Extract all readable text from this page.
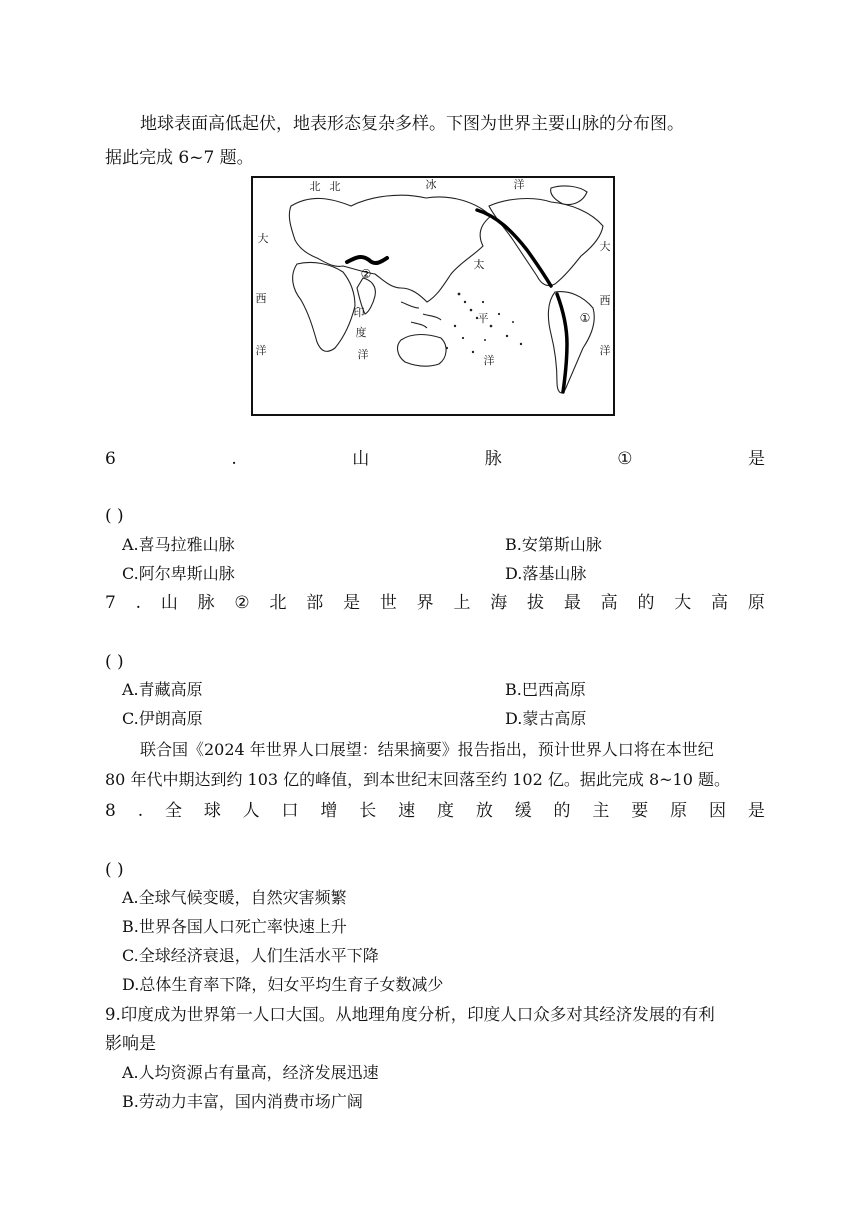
地球表面高低起伏，地表形态复杂多样。下图为世界主要山脉的分布图。
据此完成 6~7 题。
②
①
北 北	冰	洋
大
西
洋
印
度
洋
太
平
洋
大
西
洋
6	.	山	脉	①	是
( )
A.喜马拉雅山脉	B.安第斯山脉
C.阿尔卑斯山脉	D.落基山脉
7 . 山 脉 ② 北 部 是 世 界 上 海 拔 最 高 的 大 高 原
( )
A.青藏高原	B.巴西高原
C.伊朗高原	D.蒙古高原
联合国《2024 年世界人口展望：结果摘要》报告指出，预计世界人口将在本世纪
80 年代中期达到约 103 亿的峰值，到本世纪末回落至约 102 亿。据此完成 8~10 题。
8 . 全 球 人 口 增 长 速 度 放 缓 的 主 要 原 因 是
( )
A.全球气候变暖，自然灾害频繁
B.世界各国人口死亡率快速上升
C.全球经济衰退，人们生活水平下降
D.总体生育率下降，妇女平均生育子女数减少
9.印度成为世界第一人口大国。从地理角度分析，印度人口众多对其经济发展的有利
影响是
A.人均资源占有量高，经济发展迅速
B.劳动力丰富，国内消费市场广阔
